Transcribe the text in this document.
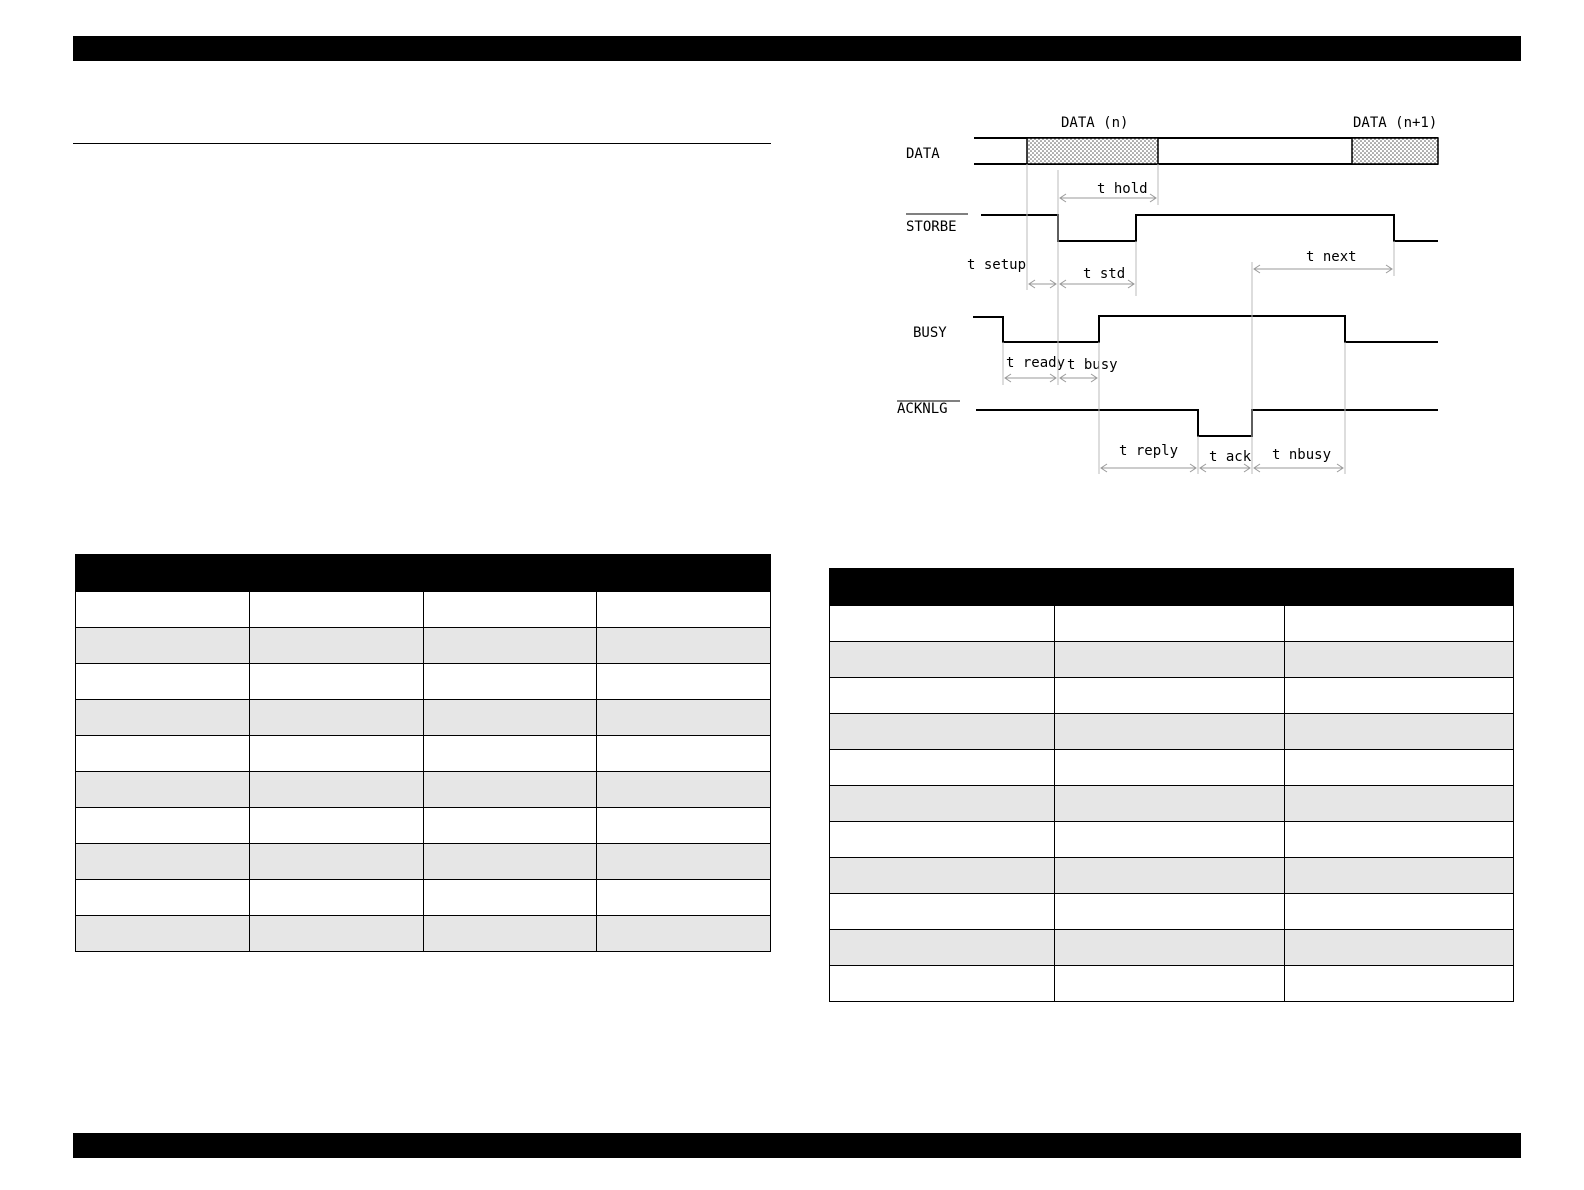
DATA
STORBE
BUSY
ACKNLG
DATA (n)	DATA (n+1)
t hold
t setup
t std
t next
t ready t busy
t reply t ack t nbusy
